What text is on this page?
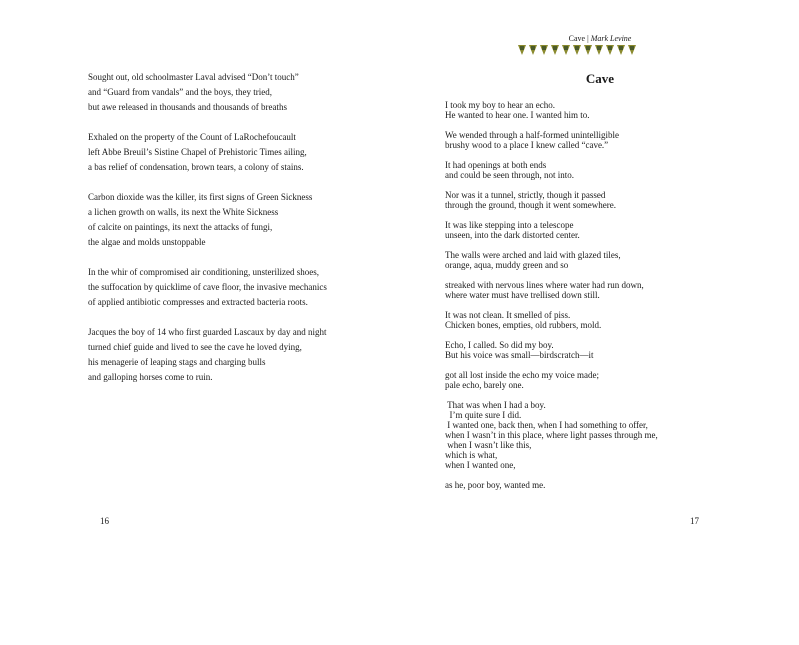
Sought out, old schoolmaster Laval advised “Don’t touch”
and “Guard from vandals” and the boys, they tried,
but awe released in thousands and thousands of breaths
Exhaled on the property of the Count of LaRochefoucault
left Abbe Breuil’s Sistine Chapel of Prehistoric Times ailing,
a bas relief of condensation, brown tears, a colony of stains.
Carbon dioxide was the killer, its first signs of Green Sickness
a lichen growth on walls, its next the White Sickness
of calcite on paintings, its next the attacks of fungi,
the algae and molds unstoppable
In the whir of compromised air conditioning, unsterilized shoes,
the suffocation by quicklime of cave floor, the invasive mechanics
of applied antibiotic compresses and extracted bacteria roots.
Jacques the boy of 14 who first guarded Lascaux by day and night
turned chief guide and lived to see the cave he loved dying,
his menagerie of leaping stags and charging bulls
and galloping horses come to ruin.
16
Cave | Mark Levine
Cave
I took my boy to hear an echo.
He wanted to hear one. I wanted him to.
We wended through a half-formed unintelligible
brushy wood to a place I knew called “cave.”
It had openings at both ends
and could be seen through, not into.
Nor was it a tunnel, strictly, though it passed
through the ground, though it went somewhere.
It was like stepping into a telescope
unseen, into the dark distorted center.
The walls were arched and laid with glazed tiles,
orange, aqua, muddy green and so
streaked with nervous lines where water had run down,
where water must have trellised down still.
It was not clean. It smelled of piss.
Chicken bones, empties, old rubbers, mold.
Echo, I called. So did my boy.
But his voice was small—birdscratch—it
got all lost inside the echo my voice made;
pale echo, barely one.
That was when I had a boy.
I’m quite sure I did.
I wanted one, back then, when I had something to offer,
when I wasn’t in this place, where light passes through me,
when I wasn’t like this,
which is what,
when I wanted one,
as he, poor boy, wanted me.
17
